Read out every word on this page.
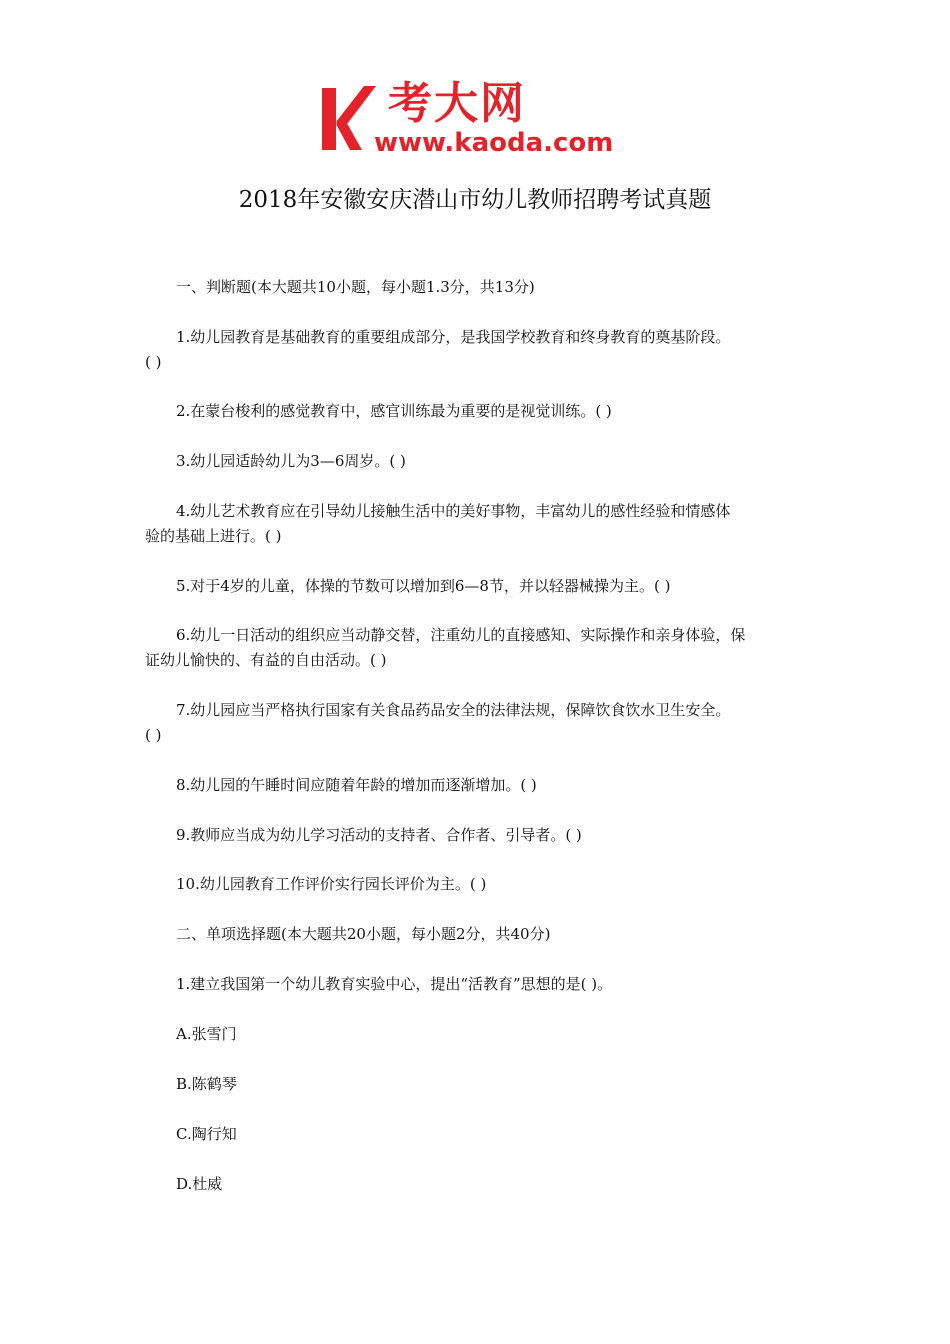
考大网
www.kaoda.com
2018年安徽安庆潜山市幼儿教师招聘考试真题
一、判断题(本大题共10小题，每小题1.3分，共13分)
1.幼儿园教育是基础教育的重要组成部分，是我国学校教育和终身教育的奠基阶段。
( )
2.在蒙台梭利的感觉教育中，感官训练最为重要的是视觉训练。( )
3.幼儿园适龄幼儿为3—6周岁。( )
4.幼儿艺术教育应在引导幼儿接触生活中的美好事物，丰富幼儿的感性经验和情感体
验的基础上进行。( )
5.对于4岁的儿童，体操的节数可以增加到6—8节，并以轻器械操为主。( )
6.幼儿一日活动的组织应当动静交替，注重幼儿的直接感知、实际操作和亲身体验，保
证幼儿愉快的、有益的自由活动。( )
7.幼儿园应当严格执行国家有关食品药品安全的法律法规，保障饮食饮水卫生安全。
( )
8.幼儿园的午睡时间应随着年龄的增加而逐渐增加。( )
9.教师应当成为幼儿学习活动的支持者、合作者、引导者。( )
10.幼儿园教育工作评价实行园长评价为主。( )
二、单项选择题(本大题共20小题，每小题2分，共40分)
1.建立我国第一个幼儿教育实验中心，提出“活教育”思想的是( )。
A.张雪门
B.陈鹤琴
C.陶行知
D.杜威
